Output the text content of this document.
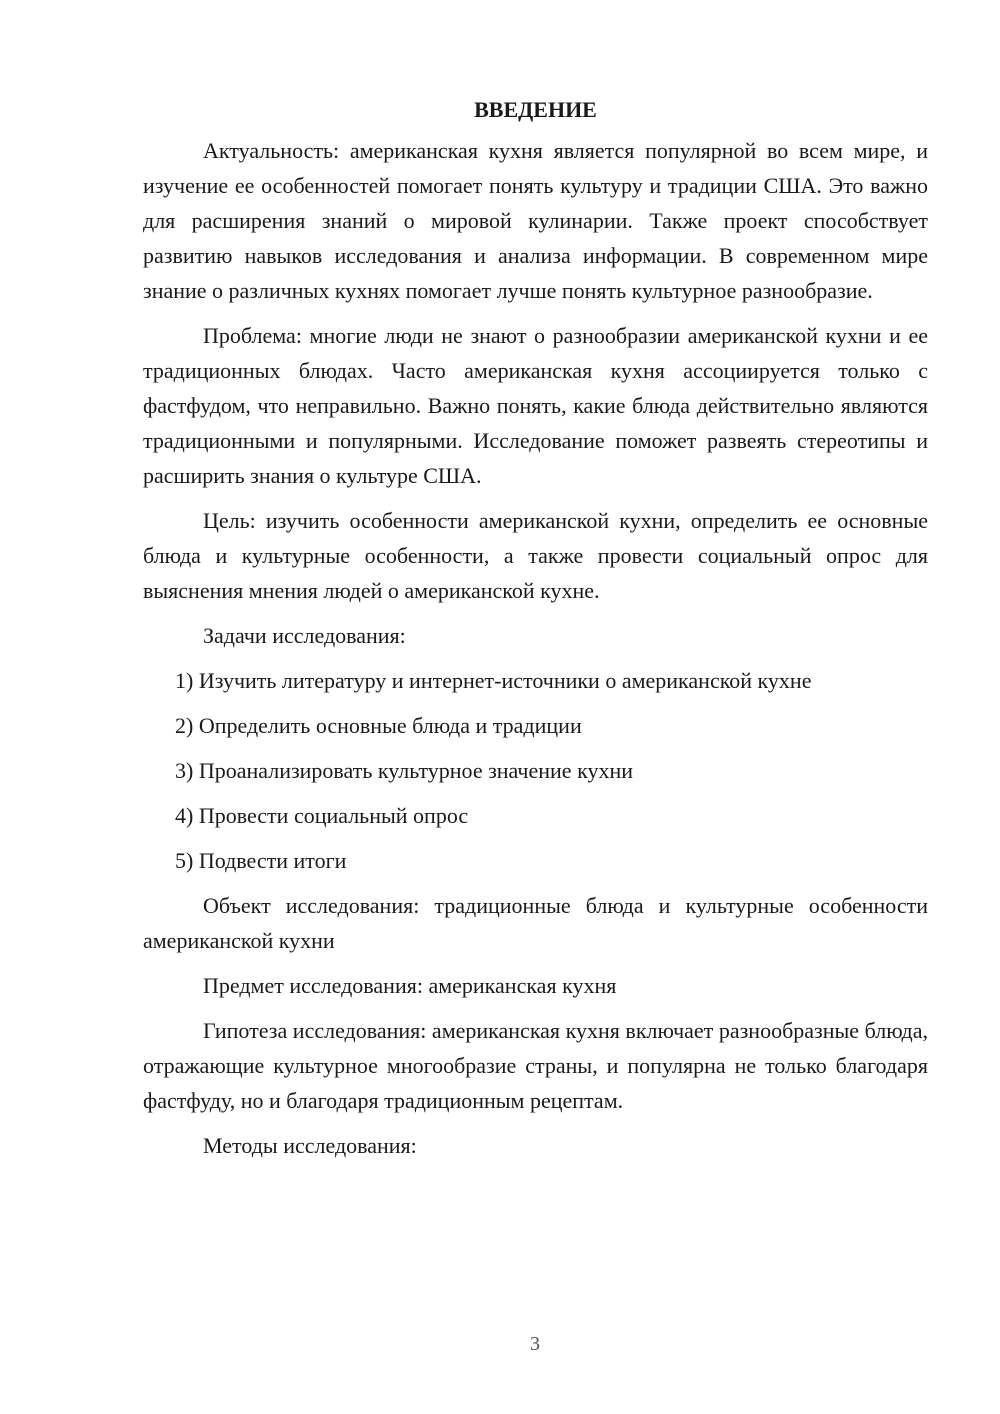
ВВЕДЕНИЕ

Актуальность: американская кухня является популярной во всем мире, и изучение ее особенностей помогает понять культуру и традиции США. Это важно для расширения знаний о мировой кулинарии. Также проект способствует развитию навыков исследования и анализа информации. В современном мире знание о различных кухнях помогает лучше понять культурное разнообразие.

Проблема: многие люди не знают о разнообразии американской кухни и ее традиционных блюдах. Часто американская кухня ассоциируется только с фастфудом, что неправильно. Важно понять, какие блюда действительно являются традиционными и популярными. Исследование поможет развеять стереотипы и расширить знания о культуре США.

Цель: изучить особенности американской кухни, определить ее основные блюда и культурные особенности, а также провести социальный опрос для выяснения мнения людей о американской кухне.

Задачи исследования:

1) Изучить литературу и интернет-источники о американской кухне
2) Определить основные блюда и традиции
3) Проанализировать культурное значение кухни
4) Провести социальный опрос
5) Подвести итоги

Объект исследования: традиционные блюда и культурные особенности американской кухни

Предмет исследования: американская кухня

Гипотеза исследования: американская кухня включает разнообразные блюда, отражающие культурное многообразие страны, и популярна не только благодаря фастфуду, но и благодаря традиционным рецептам.

Методы исследования:

3
